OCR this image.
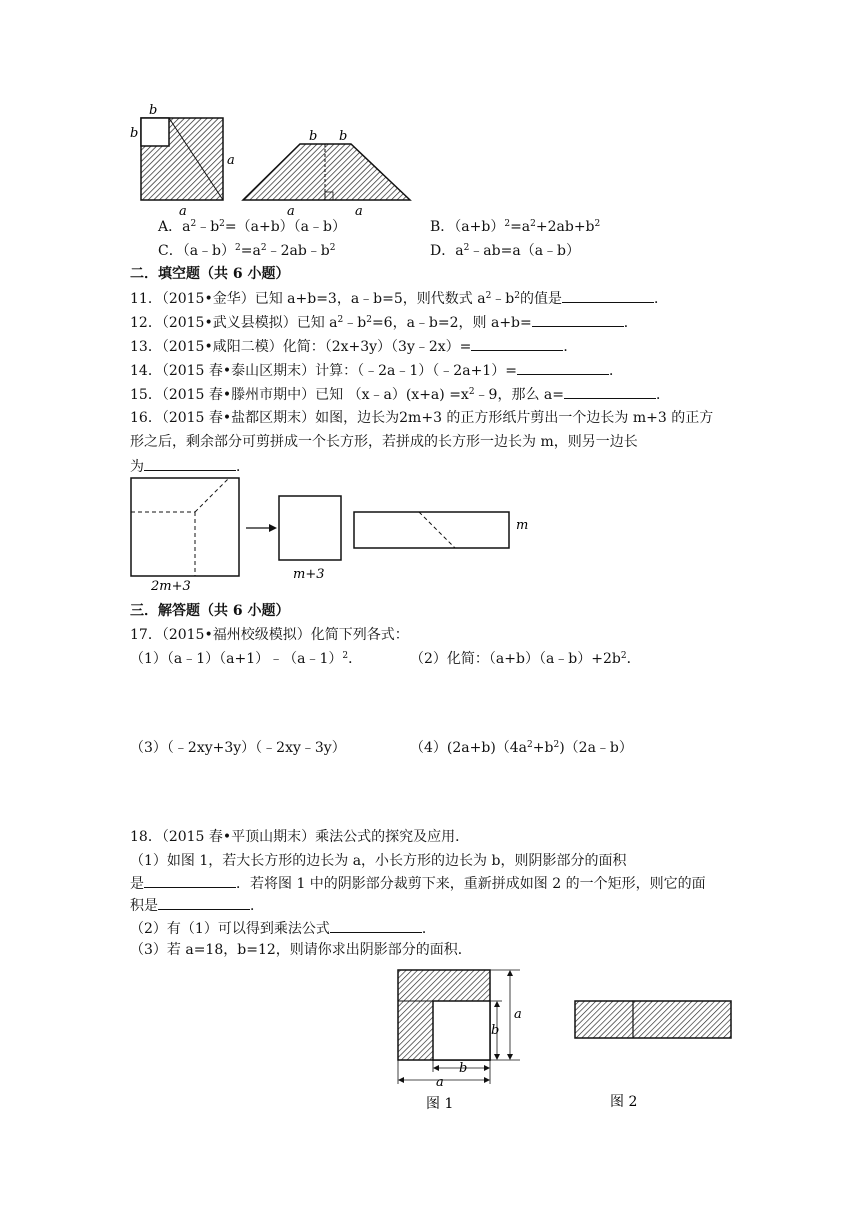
b
b
a
a
b b
a	a
A．$a^2﹣b^2=(a+b)(a﹣b)$	B．$(a+b)^2=a^2+2ab+b^2$
C．$(a﹣b)^2=a^2﹣2ab﹣b^2$	D．$a^2﹣ab=a(a﹣b)$
二．填空题（共 6 小题）
11．（2015•金华）已知 a+b=3，a﹣b=5，则代数式 $a^2﹣b^2$的值是	．
12．（2015•武义县模拟）已知 $a^2﹣b^2=6$，a﹣b=2，则 a+b=	．
13．（2015•咸阳二模）化简：（2x+3y）（3y﹣2x）=	．
14．（2015 春•泰山区期末）计算：（﹣2a﹣1）（﹣2a+1）=	．
15．（2015 春•滕州市期中）已知 （x﹣a）(x+a) $=x^2﹣9$，那么 a=	．
16．（2015 春•盐都区期末）如图，边长为2m+3 的正方形纸片剪出一个边长为 m+3 的正方
形之后，剩余部分可剪拼成一个长方形，若拼成的长方形一边长为 m，则另一边长
为	．
2m+3
m+3
m
三．解答题（共 6 小题）
17．（2015•福州校级模拟）化简下列各式：
（1）（a﹣1）（a+1）﹣（a﹣1）$^2$．	（2）化简：$(a+b)(a﹣b)+2b^2$．
（3）（﹣2xy+3y）（﹣2xy﹣3y）	$(4)(2a+b)(4a^2+b^2)(2a﹣b)$
18．（2015 春•平顶山期末）乘法公式的探究及应用．
（1）如图 1，若大长方形的边长为 a，小长方形的边长为 b，则阴影部分的面积
是	．若将图 1 中的阴影部分裁剪下来，重新拼成如图 2 的一个矩形，则它的面
积是	．
（2）有（1）可以得到乘法公式	．
（3）若 a=18，b=12，则请你求出阴影部分的面积．
a
b
b
a
图 1	图 2
